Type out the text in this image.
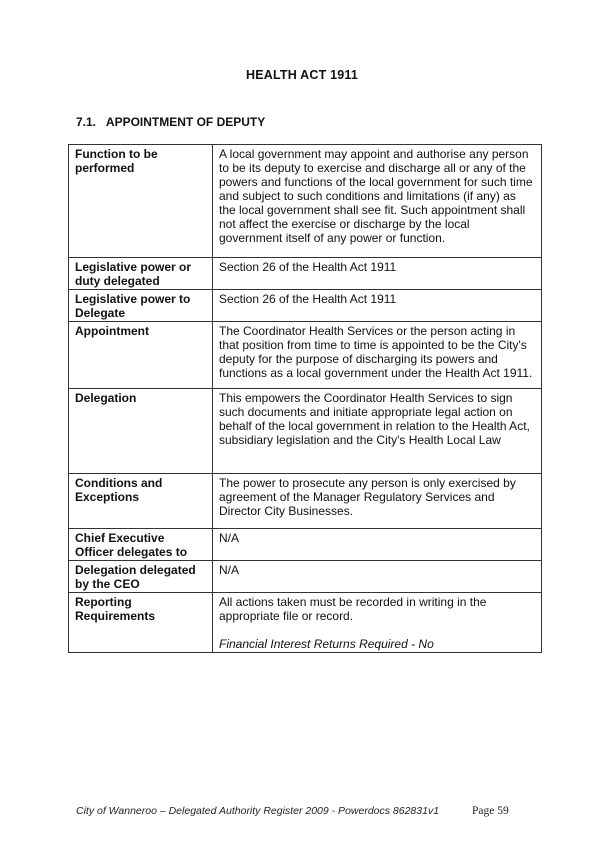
HEALTH ACT 1911
7.1. APPOINTMENT OF DEPUTY
Function to be performed	A local government may appoint and authorise any person to be its deputy to exercise and discharge all or any of the powers and functions of the local government for such time and subject to such conditions and limitations (if any) as the local government shall see fit. Such appointment shall not affect the exercise or discharge by the local government itself of any power or function.
Legislative power or duty delegated	Section 26 of the Health Act 1911
Legislative power to Delegate	Section 26 of the Health Act 1911
Appointment	The Coordinator Health Services or the person acting in that position from time to time is appointed to be the City's deputy for the purpose of discharging its powers and functions as a local government under the Health Act 1911.
Delegation	This empowers the Coordinator Health Services to sign such documents and initiate appropriate legal action on behalf of the local government in relation to the Health Act, subsidiary legislation and the City's Health Local Law
Conditions and Exceptions	The power to prosecute any person is only exercised by agreement of the Manager Regulatory Services and Director City Businesses.
Chief Executive Officer delegates to	N/A
Delegation delegated by the CEO	N/A
Reporting Requirements	All actions taken must be recorded in writing in the appropriate file or record.
Financial Interest Returns Required - No
City of Wanneroo – Delegated Authority Register 2009 - Powerdocs 862831v1	Page 59
